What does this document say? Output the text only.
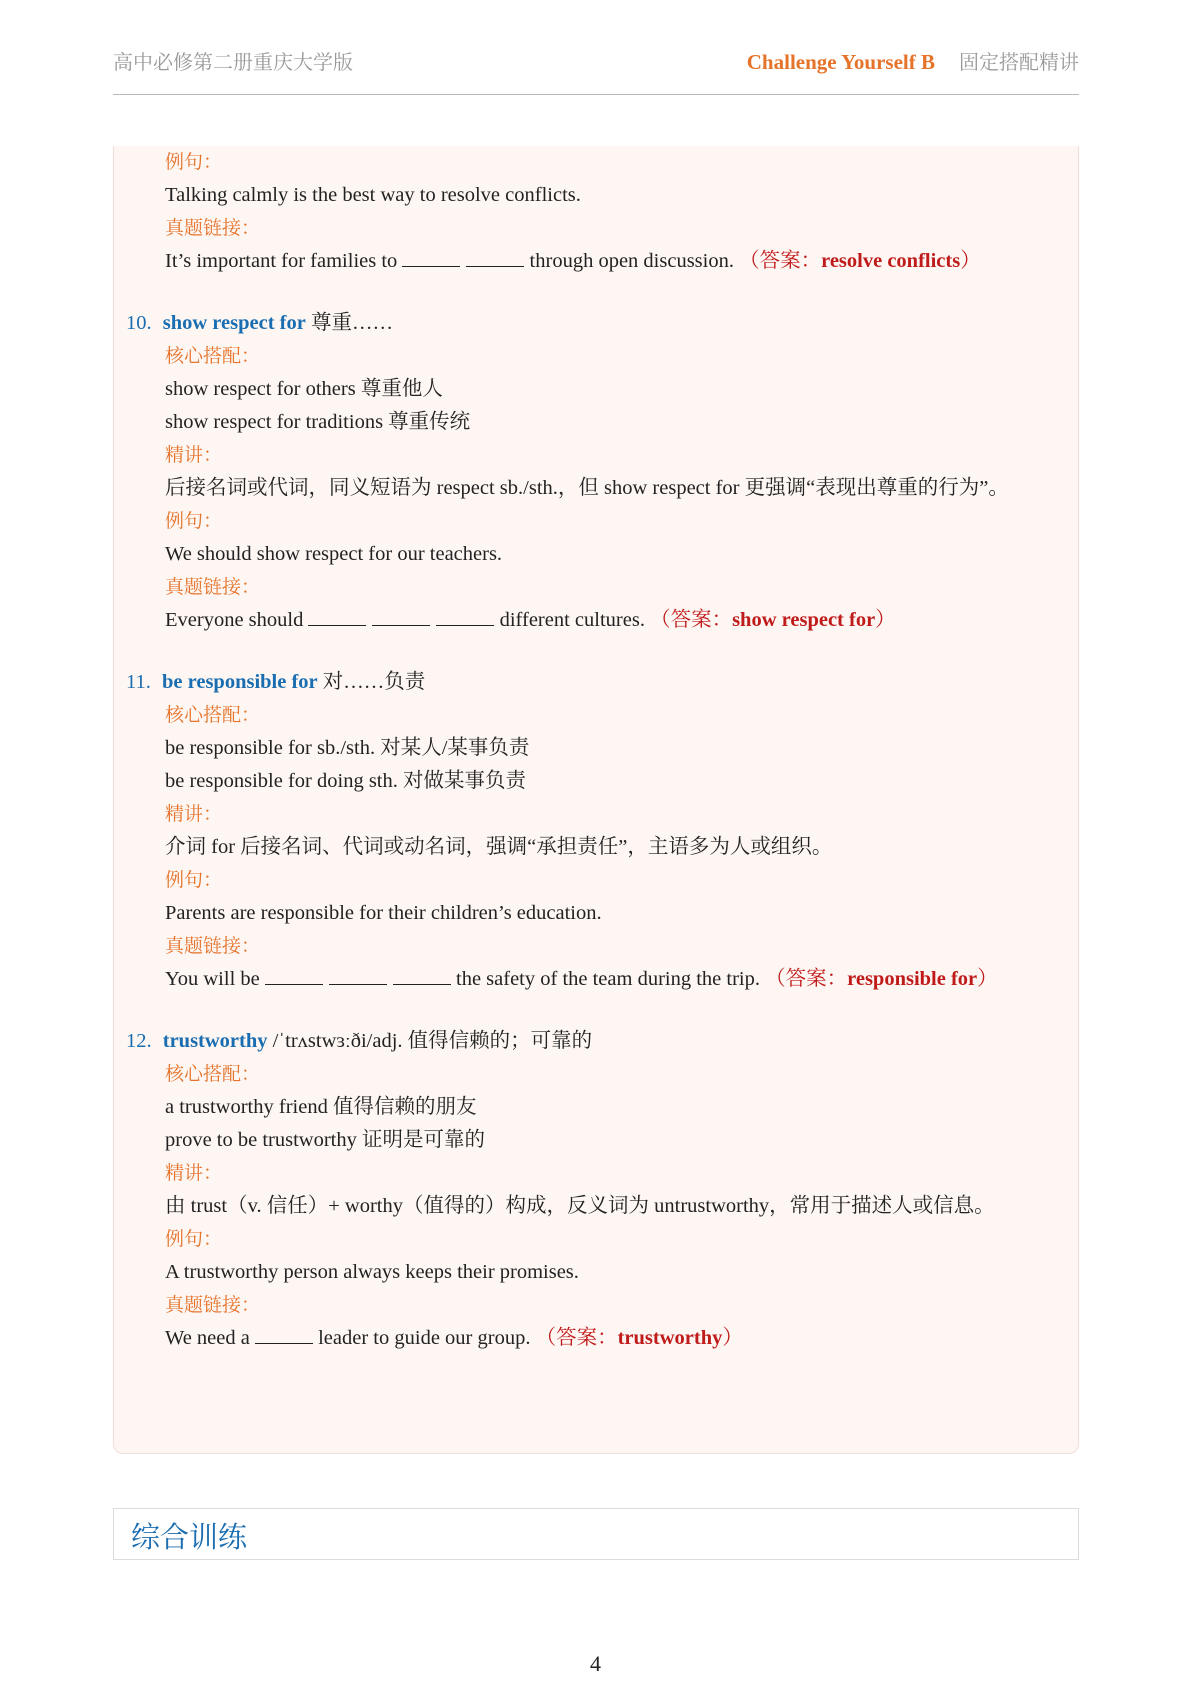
高中必修第二册重庆大学版	Challenge Yourself B 固定搭配精讲
例句：
Talking calmly is the best way to resolve conflicts.
真题链接：
It’s important for families to	through open discussion. （答案：resolve conflicts）
10. show respect for 尊重……
核心搭配：
show respect for others 尊重他人
show respect for traditions 尊重传统
精讲：
后接名词或代词，同义短语为 respect sb./sth.，但 show respect for 更强调“表现出尊重的行为”。
例句：
We should show respect for our teachers.
真题链接：
Everyone should	different cultures. （答案：show respect for）
11. be responsible for 对……负责
核心搭配：
be responsible for sb./sth. 对某人/某事负责
be responsible for doing sth. 对做某事负责
精讲：
介词 for 后接名词、代词或动名词，强调“承担责任”，主语多为人或组织。
例句：
Parents are responsible for their children’s education.
真题链接：
You will be	the safety of the team during the trip. （答案：responsible for）
12. trustworthy /ˈtrʌstwɜːði/adj. 值得信赖的；可靠的
核心搭配：
a trustworthy friend 值得信赖的朋友
prove to be trustworthy 证明是可靠的
精讲：
由 trust（v. 信任）+ worthy（值得的）构成，反义词为 untrustworthy，常用于描述人或信息。
例句：
A trustworthy person always keeps their promises.
真题链接：
We need a	leader to guide our group. （答案：trustworthy）
综合训练
4
